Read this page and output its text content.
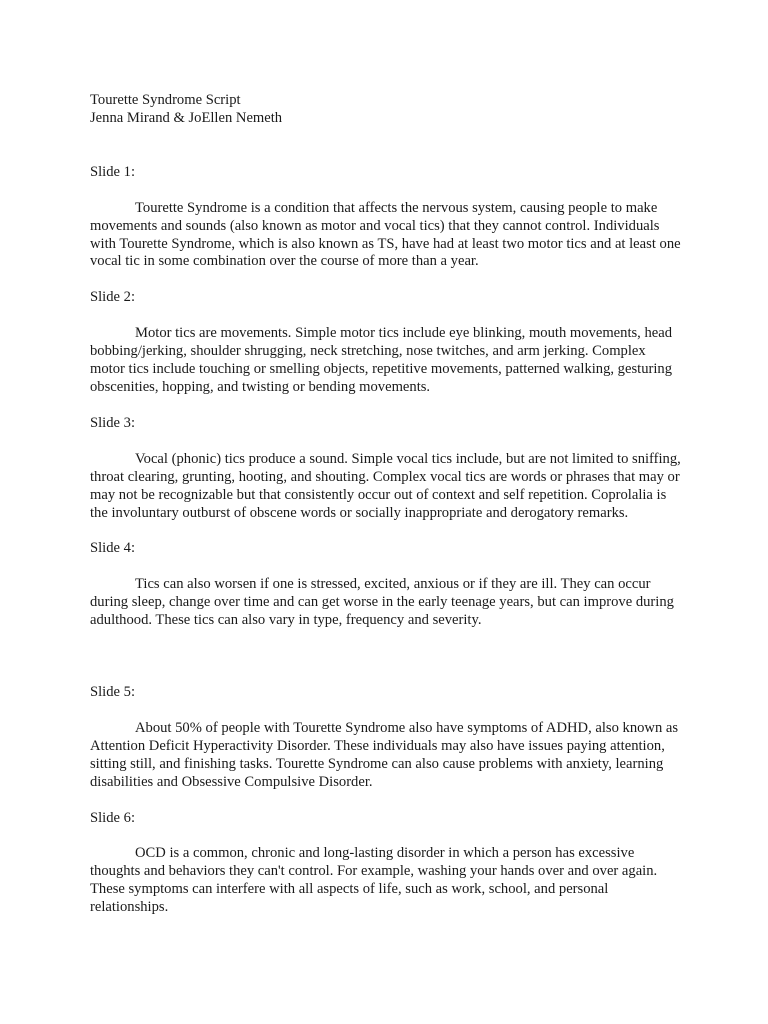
Tourette Syndrome Script
Jenna Mirand & JoEllen Nemeth

Slide 1:

Tourette Syndrome is a condition that affects the nervous system, causing people to make movements and sounds (also known as motor and vocal tics) that they cannot control. Individuals with Tourette Syndrome, which is also known as TS, have had at least two motor tics and at least one vocal tic in some combination over the course of more than a year.

Slide 2:

Motor tics are movements. Simple motor tics include eye blinking, mouth movements, head bobbing/jerking, shoulder shrugging, neck stretching, nose twitches, and arm jerking. Complex motor tics include touching or smelling objects, repetitive movements, patterned walking, gesturing obscenities, hopping, and twisting or bending movements.

Slide 3:

Vocal (phonic) tics produce a sound. Simple vocal tics include, but are not limited to sniffing, throat clearing, grunting, hooting, and shouting. Complex vocal tics are words or phrases that may or may not be recognizable but that consistently occur out of context and self repetition. Coprolalia is the involuntary outburst of obscene words or socially inappropriate and derogatory remarks.

Slide 4:

Tics can also worsen if one is stressed, excited, anxious or if they are ill. They can occur during sleep, change over time and can get worse in the early teenage years, but can improve during adulthood. These tics can also vary in type, frequency and severity.

Slide 5:

About 50% of people with Tourette Syndrome also have symptoms of ADHD, also known as Attention Deficit Hyperactivity Disorder. These individuals may also have issues paying attention, sitting still, and finishing tasks. Tourette Syndrome can also cause problems with anxiety, learning disabilities and Obsessive Compulsive Disorder.

Slide 6:

OCD is a common, chronic and long-lasting disorder in which a person has excessive thoughts and behaviors they can't control. For example, washing your hands over and over again. These symptoms can interfere with all aspects of life, such as work, school, and personal relationships.
